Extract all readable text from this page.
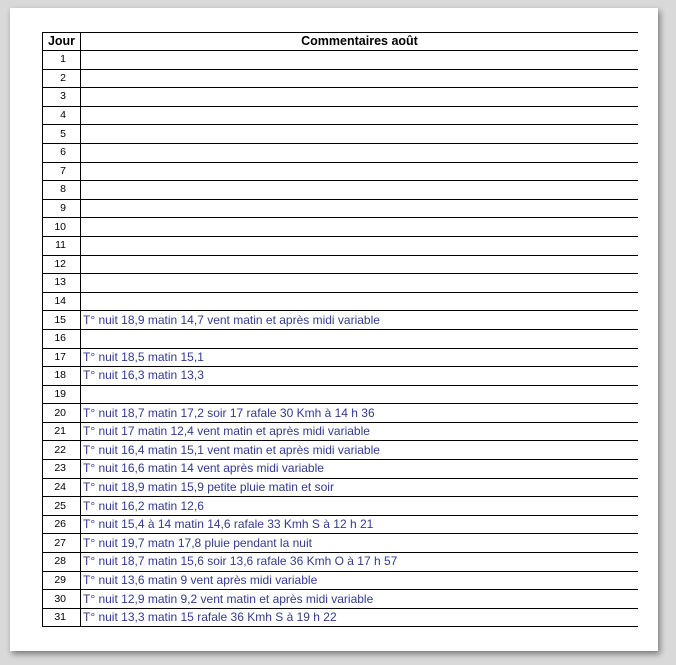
Jour	Commentaires août
1	
2	
3	
4	
5	
6	
7	
8	
9	
10	
11	
12	
13	
14	
15	T° nuit 18,9 matin 14,7 vent matin et après midi variable
16	
17	T° nuit 18,5 matin 15,1
18	T° nuit 16,3 matin 13,3
19	
20	T° nuit 18,7 matin 17,2 soir 17 rafale 30 Kmh à 14 h 36
21	T° nuit 17 matin 12,4 vent matin et après midi variable
22	T° nuit 16,4 matin 15,1 vent matin et après midi variable
23	T° nuit 16,6 matin 14 vent après midi variable
24	T° nuit 18,9 matin 15,9 petite pluie matin et soir
25	T° nuit 16,2 matin 12,6
26	T° nuit 15,4 à 14 matin 14,6 rafale 33 Kmh S à 12 h 21
27	T° nuit 19,7 matn 17,8 pluie pendant la nuit
28	T° nuit 18,7 matin 15,6 soir 13,6 rafale 36 Kmh O à 17 h 57
29	T° nuit 13,6 matin 9 vent après midi variable
30	T° nuit 12,9 matin 9,2 vent matin et après midi variable
31	T° nuit 13,3 matin 15 rafale 36 Kmh S à 19 h 22
